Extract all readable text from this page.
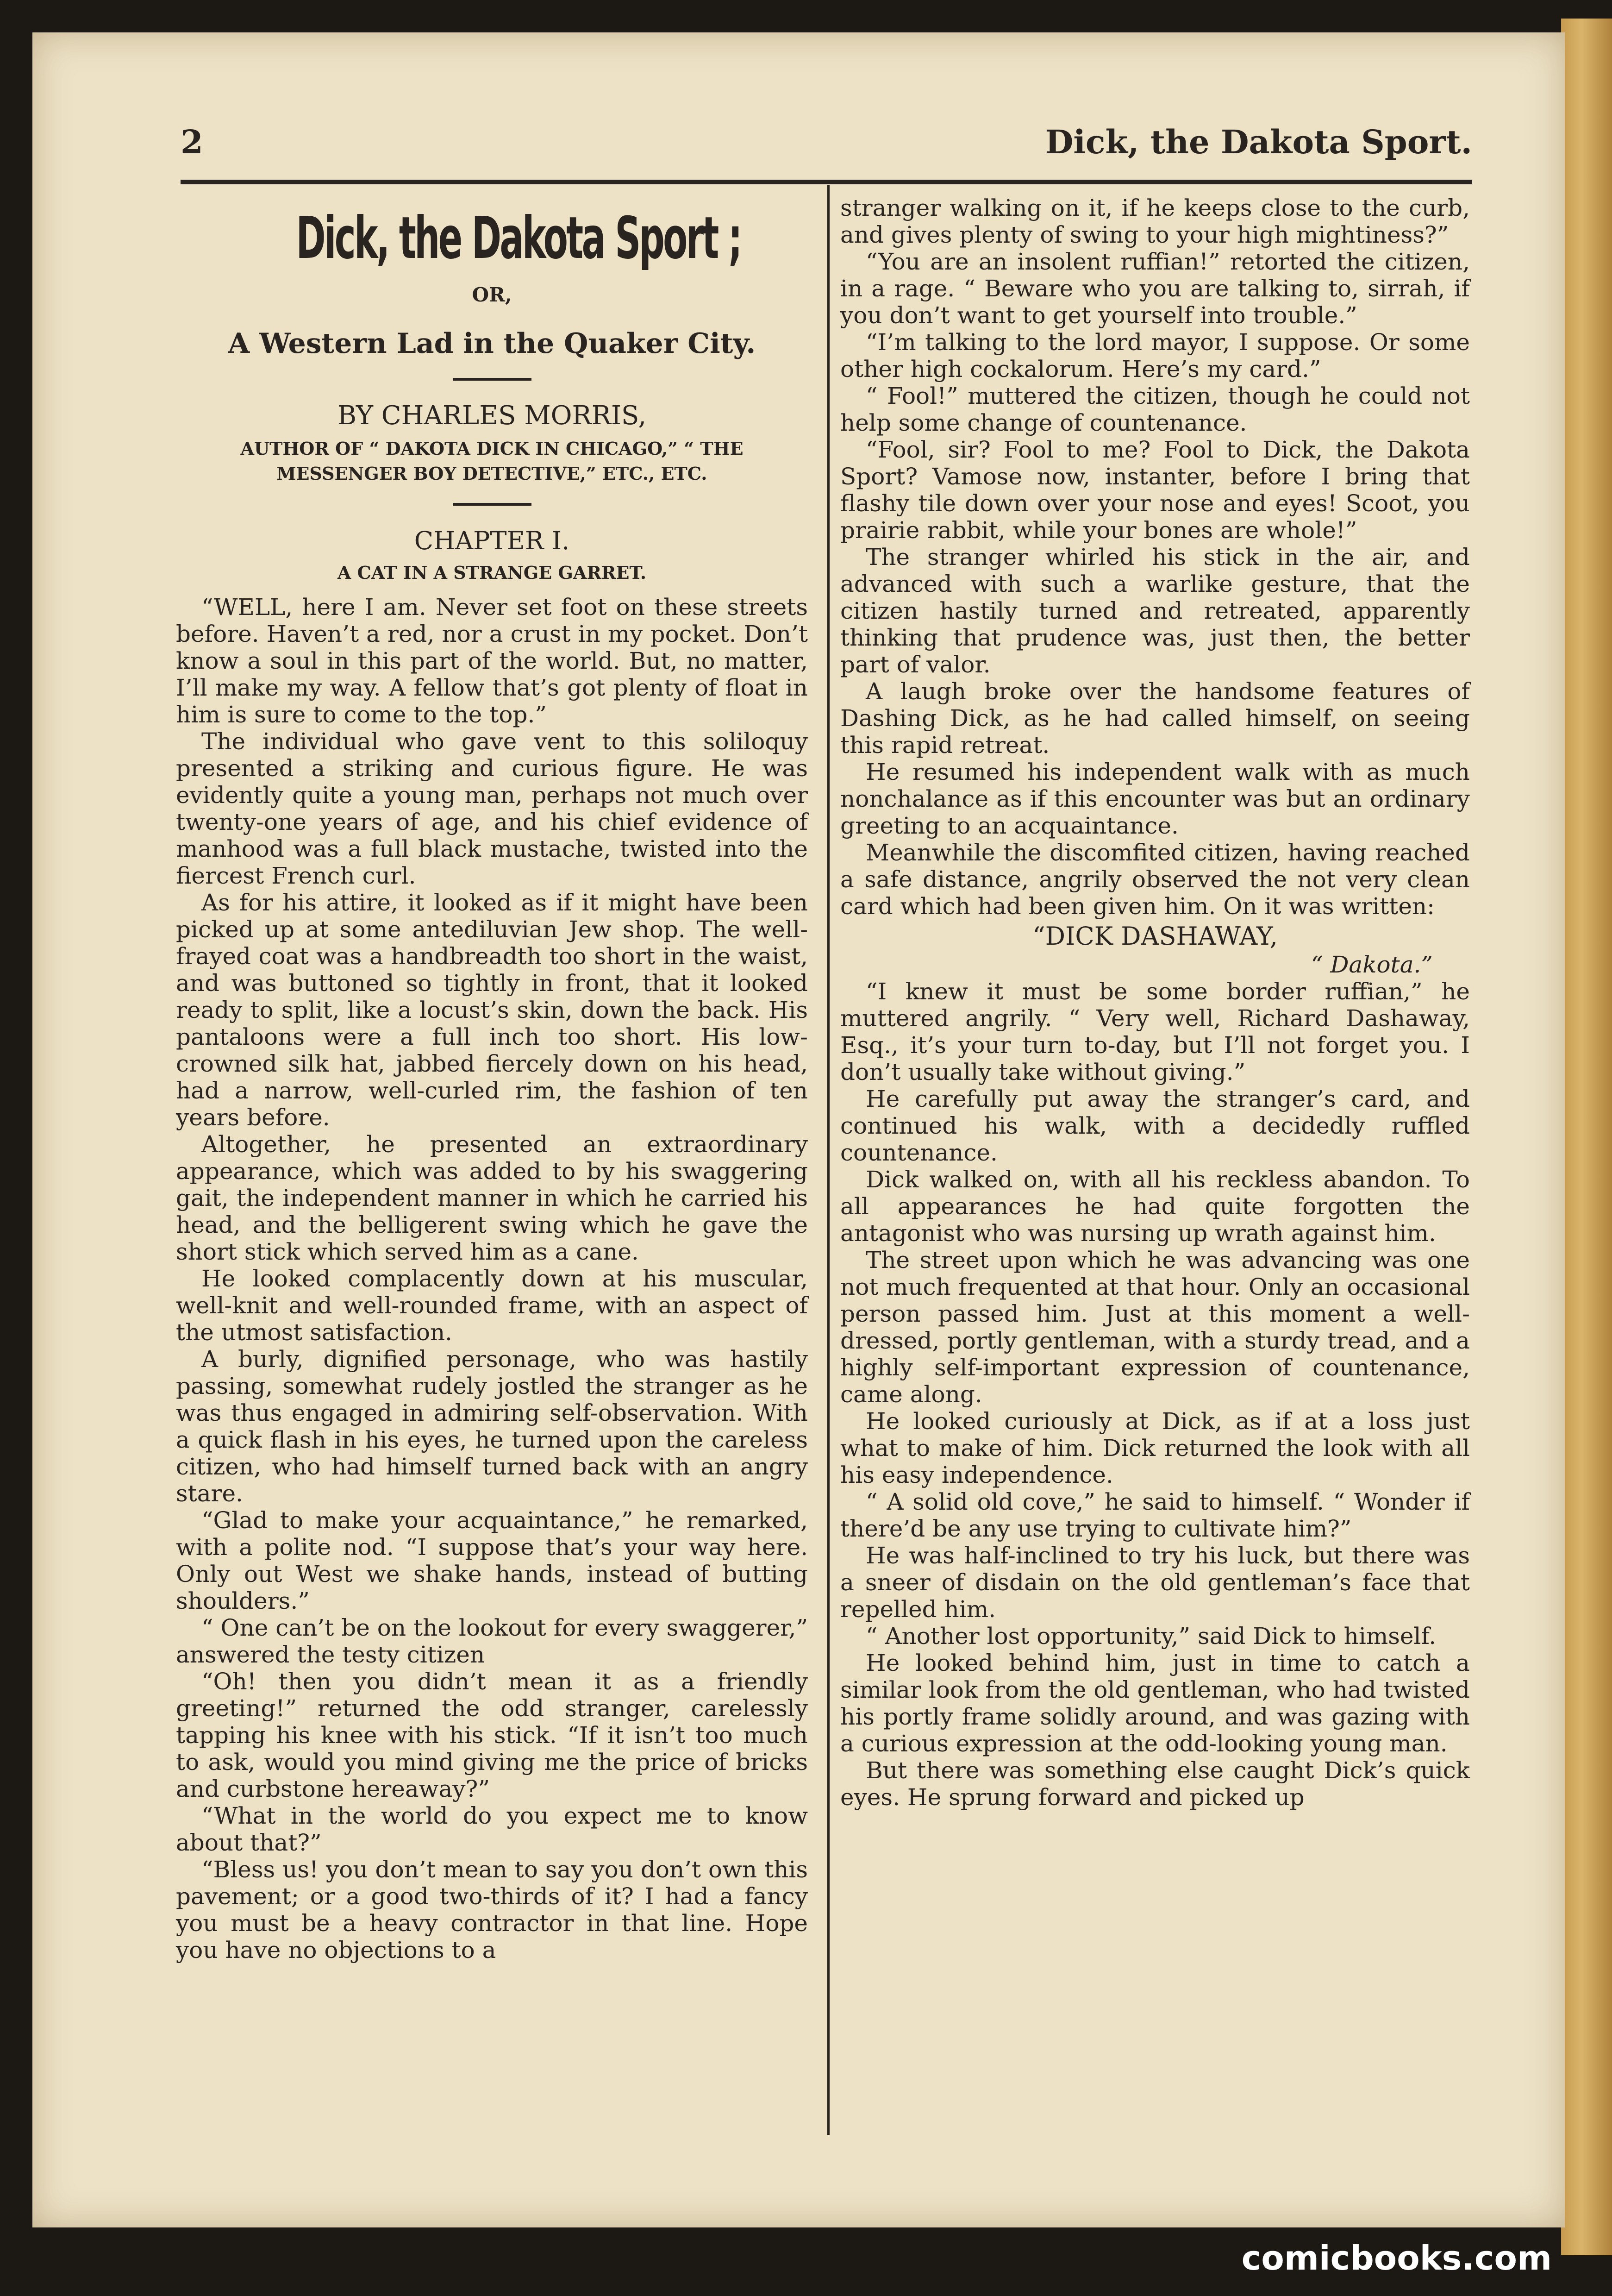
2	Dick, the Dakota Sport.
Dick, the Dakota Sport ;
OR,
A Western Lad in the Quaker City.
BY CHARLES MORRIS,
AUTHOR OF “ DAKOTA DICK IN CHICAGO,” “ THE MESSENGER BOY DETECTIVE,” ETC., ETC.
CHAPTER I.
A CAT IN A STRANGE GARRET.

“WELL, here I am. Never set foot on these streets before. Haven’t a red, nor a crust in my pocket. Don’t know a soul in this part of the world. But, no matter, I’ll make my way. A fellow that’s got plenty of float in him is sure to come to the top.”

The individual who gave vent to this soliloquy presented a striking and curious figure. He was evidently quite a young man, perhaps not much over twenty-one years of age, and his chief evidence of manhood was a full black mustache, twisted into the fiercest French curl.

As for his attire, it looked as if it might have been picked up at some antediluvian Jew shop. The well-frayed coat was a handbreadth too short in the waist, and was buttoned so tightly in front, that it looked ready to split, like a locust’s skin, down the back. His pantaloons were a full inch too short. His low-crowned silk hat, jabbed fiercely down on his head, had a narrow, well-curled rim, the fashion of ten years before.

Altogether, he presented an extraordinary appearance, which was added to by his swaggering gait, the independent manner in which he carried his head, and the belligerent swing which he gave the short stick which served him as a cane.

He looked complacently down at his muscular, well-knit and well-rounded frame, with an aspect of the utmost satisfaction.

A burly, dignified personage, who was hastily passing, somewhat rudely jostled the stranger as he was thus engaged in admiring self-observation. With a quick flash in his eyes, he turned upon the careless citizen, who had himself turned back with an angry stare.

“Glad to make your acquaintance,” he remarked, with a polite nod. “I suppose that’s your way here. Only out West we shake hands, instead of butting shoulders.”

“ One can’t be on the lookout for every swaggerer,” answered the testy citizen

“Oh! then you didn’t mean it as a friendly greeting!” returned the odd stranger, carelessly tapping his knee with his stick. “If it isn’t too much to ask, would you mind giving me the price of bricks and curbstone hereaway?”

“What in the world do you expect me to know about that?”

“Bless us! you don’t mean to say you don’t own this pavement; or a good two-thirds of it? I had a fancy you must be a heavy contractor in that line. Hope you have no objections to a

stranger walking on it, if he keeps close to the curb, and gives plenty of swing to your high mightiness?”

“You are an insolent ruffian!” retorted the citizen, in a rage. “ Beware who you are talking to, sirrah, if you don’t want to get yourself into trouble.”

“I’m talking to the lord mayor, I suppose. Or some other high cockalorum. Here’s my card.”

“ Fool!” muttered the citizen, though he could not help some change of countenance.

“Fool, sir? Fool to me? Fool to Dick, the Dakota Sport? Vamose now, instanter, before I bring that flashy tile down over your nose and eyes! Scoot, you prairie rabbit, while your bones are whole!”

The stranger whirled his stick in the air, and advanced with such a warlike gesture, that the citizen hastily turned and retreated, apparently thinking that prudence was, just then, the better part of valor.

A laugh broke over the handsome features of Dashing Dick, as he had called himself, on seeing this rapid retreat.

He resumed his independent walk with as much nonchalance as if this encounter was but an ordinary greeting to an acquaintance.

Meanwhile the discomfited citizen, having reached a safe distance, angrily observed the not very clean card which had been given him. On it was written:

“DICK DASHAWAY,

“ Dakota.”

“I knew it must be some border ruffian,” he muttered angrily. “ Very well, Richard Dashaway, Esq., it’s your turn to-day, but I’ll not forget you. I don’t usually take without giving.”

He carefully put away the stranger’s card, and continued his walk, with a decidedly ruffled countenance.

Dick walked on, with all his reckless abandon. To all appearances he had quite forgotten the antagonist who was nursing up wrath against him.

The street upon which he was advancing was one not much frequented at that hour. Only an occasional person passed him. Just at this moment a well-dressed, portly gentleman, with a sturdy tread, and a highly self-important expression of countenance, came along.

He looked curiously at Dick, as if at a loss just what to make of him. Dick returned the look with all his easy independence.

“ A solid old cove,” he said to himself. “ Wonder if there’d be any use trying to cultivate him?”

He was half-inclined to try his luck, but there was a sneer of disdain on the old gentleman’s face that repelled him.

“ Another lost opportunity,” said Dick to himself.

He looked behind him, just in time to catch a similar look from the old gentleman, who had twisted his portly frame solidly around, and was gazing with a curious expression at the odd-looking young man.

But there was something else caught Dick’s quick eyes. He sprung forward and picked up

comicbooks.com
